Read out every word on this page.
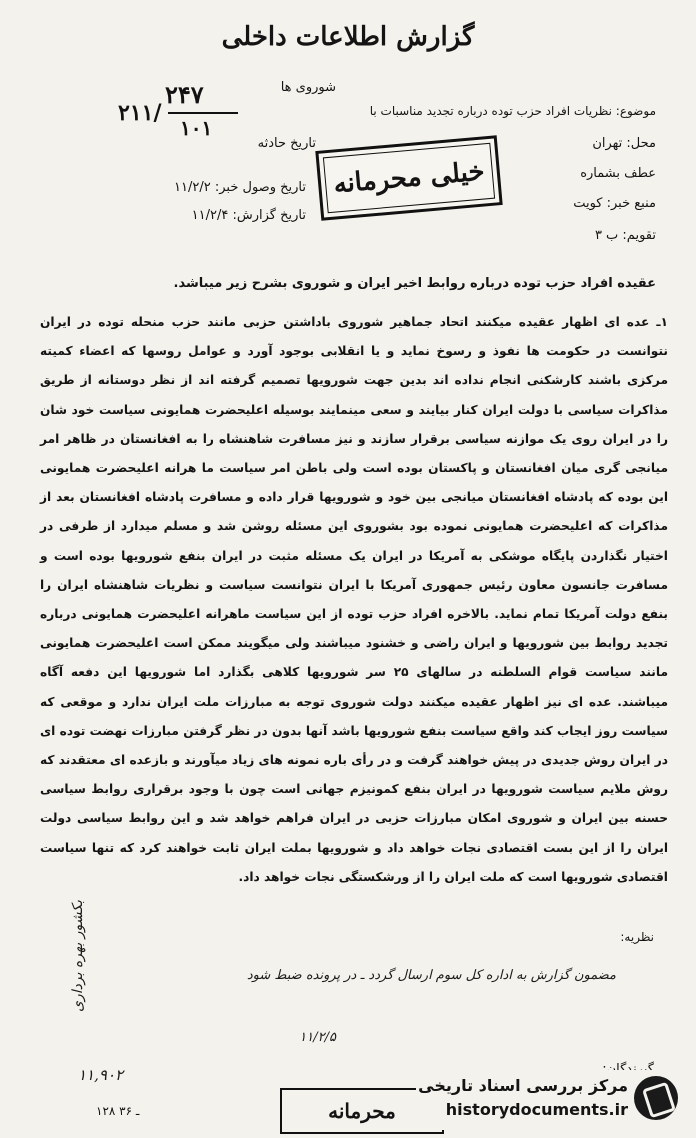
گزارش اطلاعات داخلی
۲۴۷
۲۱۱/
۱۰۱
شوروی ها
موضوع: نظریات افراد حزب توده درباره تجدید مناسبات با
محل: تهران
تاریخ حادثه
عطف بشماره
تاریخ وصول خبر: ۱۱/۲/۲
منبع خبر: کویت
تاریخ گزارش: ۱۱/۲/۴
تقویم: ب ۳
خیلی محرمانه
عقیده افراد حزب توده درباره روابط اخیر ایران و شوروی بشرح زیر میباشد.
۱ـ عده ای اظهار عقیده میکنند اتحاد جماهیر شوروی باداشتن حزبی مانند حزب منحله توده در ایران نتوانست در حکومت ها نفوذ و رسوخ نماید و یا انقلابی بوجود آورد و عوامل روسها که اعضاء کمیته مرکزی باشند کارشکنی انجام نداده اند بدین جهت شورویها تصمیم گرفته اند از نظر دوستانه از طریق مذاکرات سیاسی با دولت ایران کنار بیایند و سعی مینمایند بوسیله اعلیحضرت همایونی سیاست خود شان را در ایران روی یک موازنه سیاسی برقرار سازند و نیز مسافرت شاهنشاه را به افغانستان در ظاهر امر میانجی گری میان افغانستان و پاکستان بوده است ولی باطن امر سیاست ما هرانه اعلیحضرت همایونی این بوده که پادشاه افغانستان میانجی بین خود و شورویها قرار داده و مسافرت پادشاه افغانستان بعد از مذاکرات که اعلیحضرت همایونی نموده بود بشوروی این مسئله روشن شد و مسلم میدارد از طرفی در اختیار نگذاردن پایگاه موشکی به آمریکا در ایران یک مسئله مثبت در ایران بنفع شورویها بوده است و مسافرت جانسون معاون رئیس جمهوری آمریکا با ایران نتوانست سیاست و نظریات شاهنشاه ایران را بنفع دولت آمریکا تمام نماید. بالاخره افراد حزب توده از این سیاست ماهرانه اعلیحضرت همایونی درباره تجدید روابط بین شورویها و ایران راضی و خشنود میباشند ولی میگویند ممکن است اعلیحضرت همایونی مانند سیاست قوام السلطنه در سالهای ۲۵ سر شورویها کلاهی بگذارد اما شورویها این دفعه آگاه میباشند. عده ای نیز اظهار عقیده میکنند دولت شوروی توجه به مبارزات ملت ایران ندارد و موقعی که سیاست روز ایجاب کند واقع سیاست بنفع شورویها باشد آنها بدون در نظر گرفتن مبارزات نهضت توده ای در ایران روش جدیدی در پیش خواهند گرفت و در رأی باره نمونه های زیاد میآورند و بازعده ای معتقدند که روش ملایم سیاست شورویها در ایران بنفع کمونیزم جهانی است چون با وجود برقراری روابط سیاسی حسنه بین ایران و شوروی امکان مبارزات حزبی در ایران فراهم خواهد شد و این روابط سیاسی دولت ایران را از این بست اقتصادی نجات خواهد داد و شورویها بملت ایران ثابت خواهند کرد که تنها سیاست اقتصادی شورویها است که ملت ایران را از ورشکستگی نجات خواهد داد.
نظریه:
مضمون گزارش به اداره کل سوم ارسال گردد ـ در پرونده ضبط شود
۱۱/۲/۵
بکشور بهره برداری
۱۱,۹۰۲
۱۲۸ ـ ۳۶	محرمانه
مرکز بررسی اسناد تاریخی
historydocuments.ir
